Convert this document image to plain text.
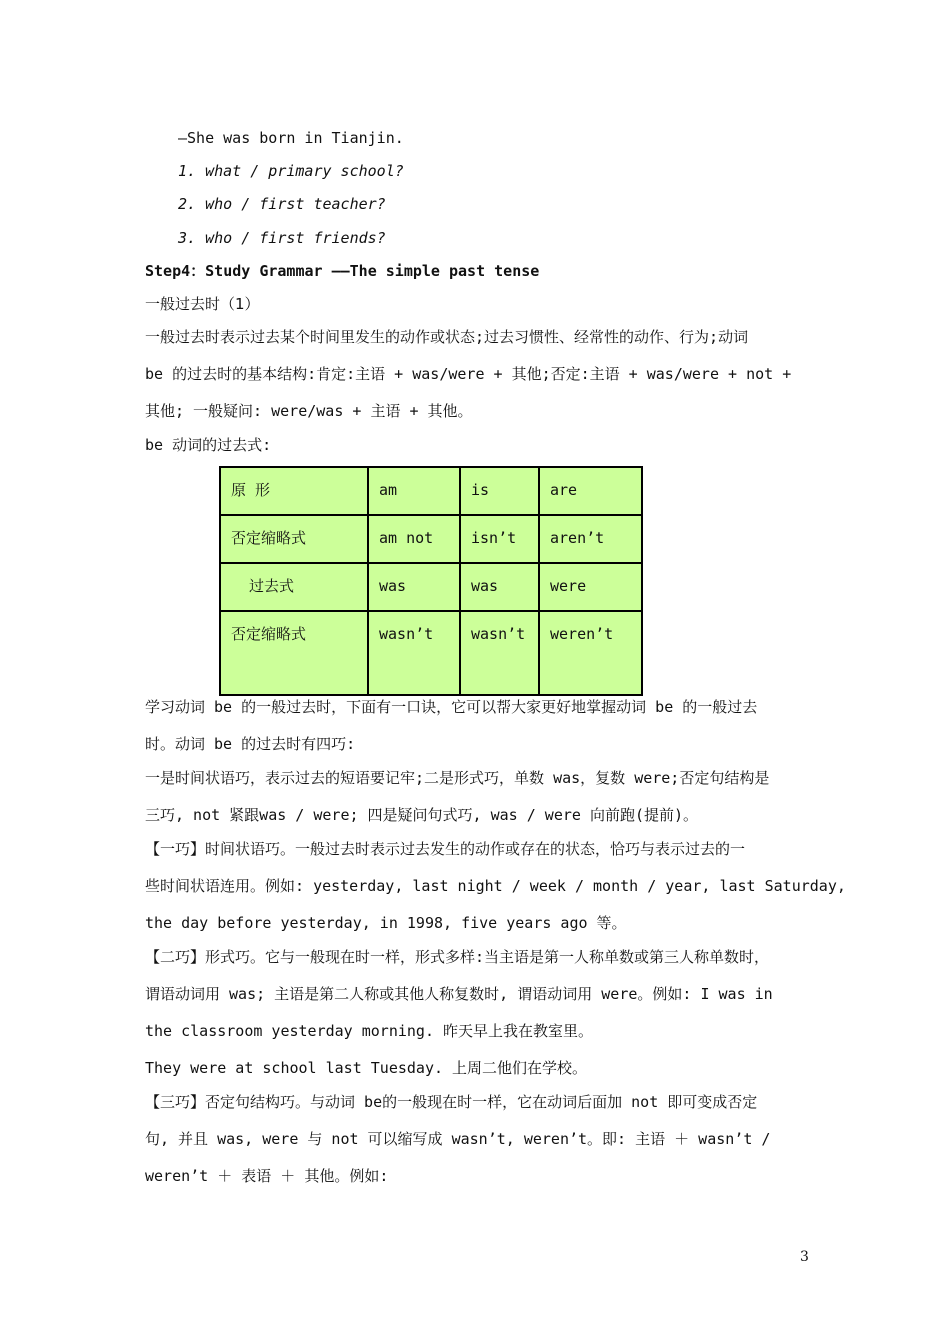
—She was born in Tianjin.
1. what / primary school?
2. who / first teacher?
3. who / first friends?
Step4：Study Grammar ——The simple past tense
一般过去时（1）
一般过去时表示过去某个时间里发生的动作或状态;过去习惯性、经常性的动作、行为;动词
be 的过去时的基本结构:肯定:主语 + was/were + 其他;否定:主语 + was/were + not +
其他; 一般疑问: were/was + 主语 + 其他。
be 动词的过去式:
原 形	am	is	are

否定缩略式	am not	isn’t	aren’t

过去式	was	was	were

否定缩略式	wasn’t	wasn’t	weren’t
学习动词 be 的一般过去时，下面有一口诀，它可以帮大家更好地掌握动词 be 的一般过去
时。动词 be 的过去时有四巧:
一是时间状语巧，表示过去的短语要记牢;二是形式巧，单数 was，复数 were;否定句结构是
三巧, not 紧跟was / were; 四是疑问句式巧, was / were 向前跑(提前)。
【一巧】时间状语巧。一般过去时表示过去发生的动作或存在的状态，恰巧与表示过去的一
些时间状语连用。例如: yesterday, last night / week / month / year, last Saturday,
the day before yesterday, in 1998, five years ago 等。
【二巧】形式巧。它与一般现在时一样，形式多样:当主语是第一人称单数或第三人称单数时，
谓语动词用 was; 主语是第二人称或其他人称复数时, 谓语动词用 were。例如: I was in
the classroom yesterday morning. 昨天早上我在教室里。
They were at school last Tuesday. 上周二他们在学校。
【三巧】否定句结构巧。与动词 be的一般现在时一样，它在动词后面加 not 即可变成否定
句, 并且 was, were 与 not 可以缩写成 wasn’t, weren’t。即: 主语 ＋ wasn’t /
weren’t ＋ 表语 ＋ 其他。例如:
3
